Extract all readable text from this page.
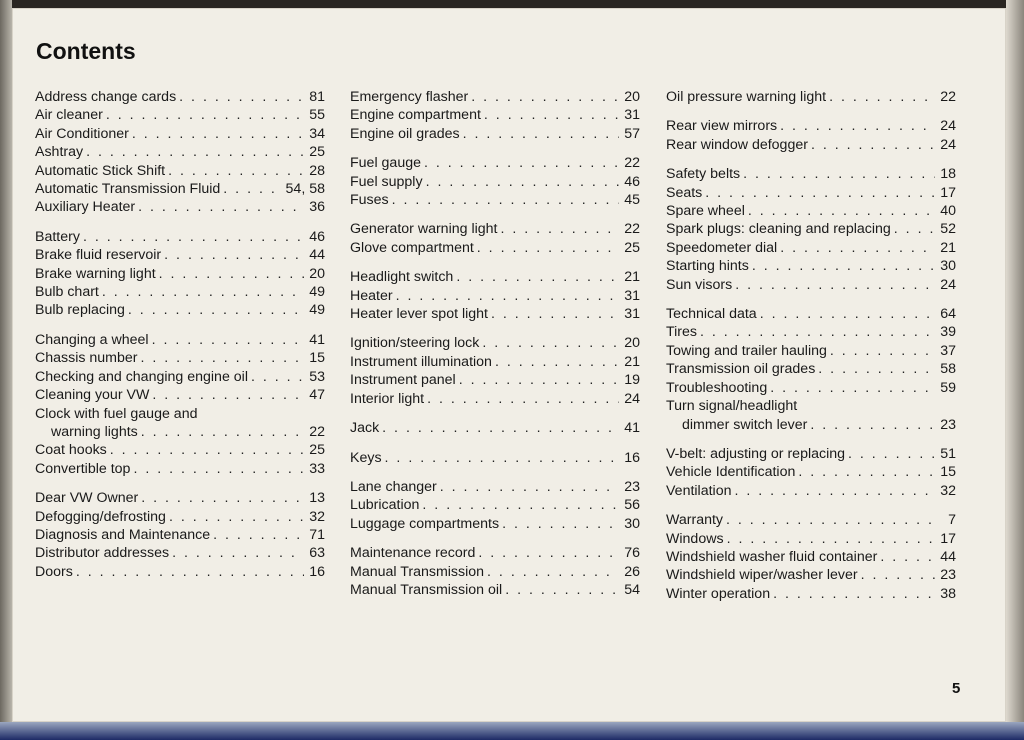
Contents
Address change cards . . .	81
Air cleaner . . .	55
Air Conditioner . . .	34
Ashtray . . .	25
Automatic Stick Shift . . .	28
Automatic Transmission Fluid . . .	54, 58
Auxiliary Heater . . .	36
Battery . . .	46
Brake fluid reservoir . . .	44
Brake warning light . . .	20
Bulb chart . . .	49
Bulb replacing . . .	49
Changing a wheel . . .	41
Chassis number . . .	15
Checking and changing engine oil . . .	53
Cleaning your VW . . .	47
Clock with fuel gauge and
warning lights . . .	22
Coat hooks . . .	25
Convertible top . . .	33
Dear VW Owner . . .	13
Defogging/defrosting . . .	32
Diagnosis and Maintenance . . .	71
Distributor addresses . . .	63
Doors . . .	16
Emergency flasher . . .	20
Engine compartment . . .	31
Engine oil grades . . .	57
Fuel gauge . . .	22
Fuel supply . . .	46
Fuses . . .	45
Generator warning light . . .	22
Glove compartment . . .	25
Headlight switch . . .	21
Heater . . .	31
Heater lever spot light . . .	31
Ignition/steering lock . . .	20
Instrument illumination . . .	21
Instrument panel . . .	19
Interior light . . .	24
Jack . . .	41
Keys . . .	16
Lane changer . . .	23
Lubrication . . .	56
Luggage compartments . . .	30
Maintenance record . . .	76
Manual Transmission . . .	26
Manual Transmission oil . . .	54
Oil pressure warning light . . .	22
Rear view mirrors . . .	24
Rear window defogger . . .	24
Safety belts . . .	18
Seats . . .	17
Spare wheel . . .	40
Spark plugs: cleaning and replacing . . .	52
Speedometer dial . . .	21
Starting hints . . .	30
Sun visors . . .	24
Technical data . . .	64
Tires . . .	39
Towing and trailer hauling . . .	37
Transmission oil grades . . .	58
Troubleshooting . . .	59
Turn signal/headlight
dimmer switch lever . . .	23
V-belt: adjusting or replacing . . .	51
Vehicle Identification . . .	15
Ventilation . . .	32
Warranty . . .	7
Windows . . .	17
Windshield washer fluid container . . .	44
Windshield wiper/washer lever . . .	23
Winter operation . . .	38
5
